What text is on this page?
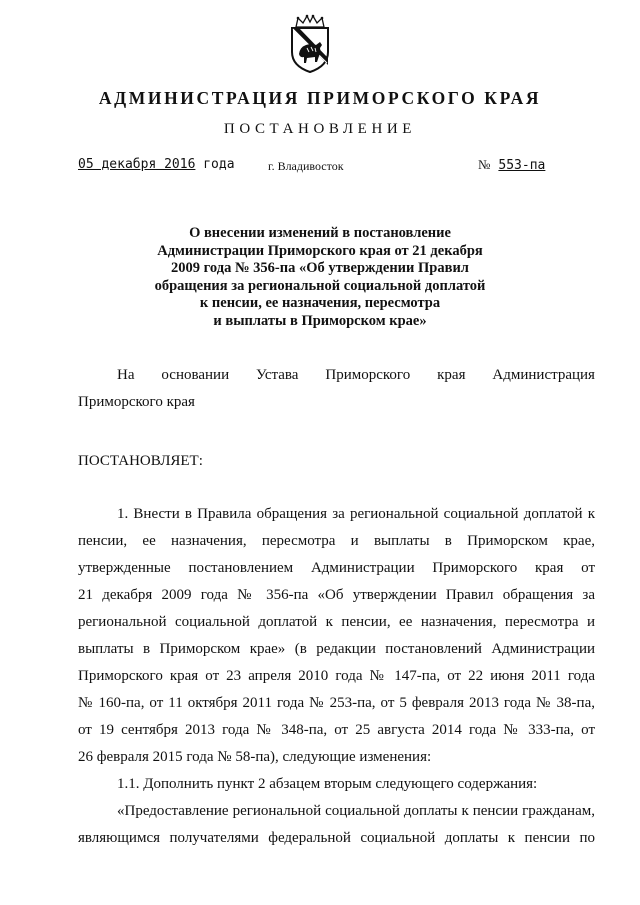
АДМИНИСТРАЦИЯ ПРИМОРСКОГО КРАЯ
ПОСТАНОВЛЕНИЕ
05 декабря 2016 года	г. Владивосток	№ 553-па
О внесении изменений в постановление
Администрации Приморского края от 21 декабря
2009 года № 356-па «Об утверждении Правил
обращения за региональной социальной доплатой
к пенсии, ее назначения, пересмотра
и выплаты в Приморском крае»
На основании Устава Приморского края Администрация
Приморского края
ПОСТАНОВЛЯЕТ:
1. Внести в Правила обращения за региональной социальной доплатой к
пенсии, ее назначения, пересмотра и выплаты в Приморском крае,
утвержденные постановлением Администрации Приморского края от
21 декабря 2009 года № 356-па «Об утверждении Правил обращения за
региональной социальной доплатой к пенсии, ее назначения, пересмотра и
выплаты в Приморском крае» (в редакции постановлений Администрации
Приморского края от 23 апреля 2010 года № 147-па, от 22 июня 2011 года
№ 160-па, от 11 октября 2011 года № 253-па, от 5 февраля 2013 года № 38-па,
от 19 сентября 2013 года № 348-па, от 25 августа 2014 года № 333-па, от
26 февраля 2015 года № 58-па), следующие изменения:
1.1. Дополнить пункт 2 абзацем вторым следующего содержания:
«Предоставление региональной социальной доплаты к пенсии гражданам,
являющимся получателями федеральной социальной доплаты к пенсии по
